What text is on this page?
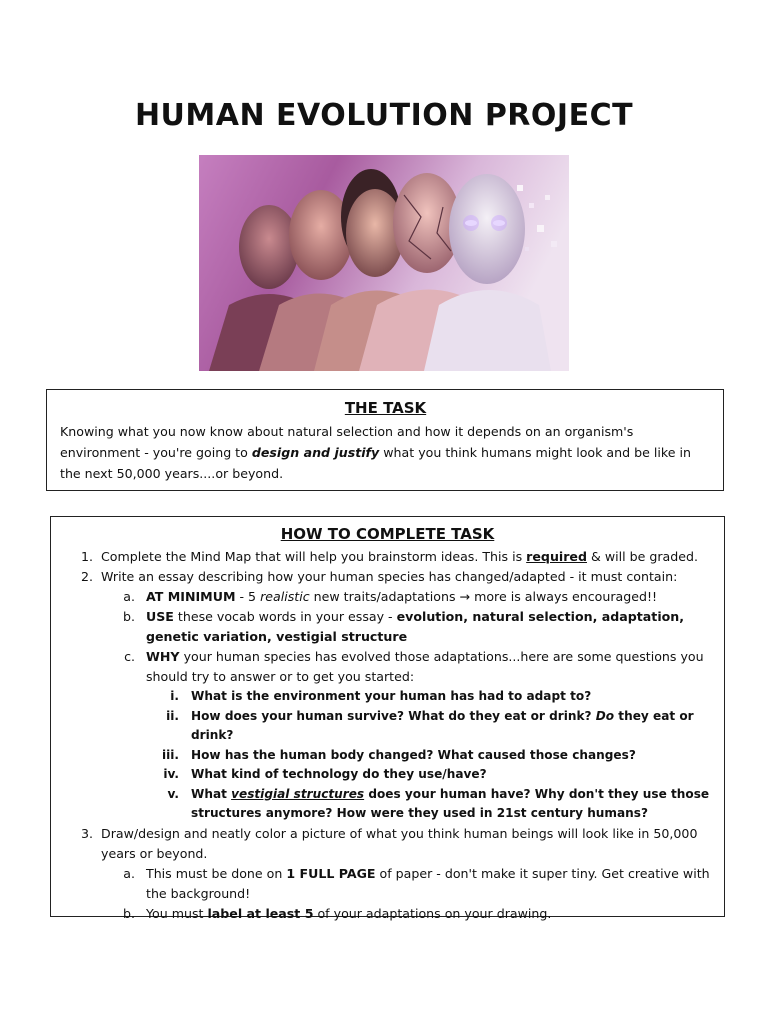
HUMAN EVOLUTION PROJECT
THE TASK
Knowing what you now know about natural selection and how it depends on an organism's environment - you're going to design and justify what you think humans might look and be like in the next 50,000 years....or beyond.
HOW TO COMPLETE TASK
1. Complete the Mind Map that will help you brainstorm ideas. This is required & will be graded.
2. Write an essay describing how your human species has changed/adapted - it must contain:
a. AT MINIMUM - 5 realistic new traits/adaptations → more is always encouraged!!
b. USE these vocab words in your essay - evolution, natural selection, adaptation, genetic variation, vestigial structure
c. WHY your human species has evolved those adaptations...here are some questions you should try to answer or to get you started:
i. What is the environment your human has had to adapt to?
ii. How does your human survive? What do they eat or drink? Do they eat or drink?
iii. How has the human body changed? What caused those changes?
iv. What kind of technology do they use/have?
v. What vestigial structures does your human have? Why don't they use those structures anymore? How were they used in 21st century humans?
3. Draw/design and neatly color a picture of what you think human beings will look like in 50,000 years or beyond.
a. This must be done on 1 FULL PAGE of paper - don't make it super tiny. Get creative with the background!
b. You must label at least 5 of your adaptations on your drawing.
